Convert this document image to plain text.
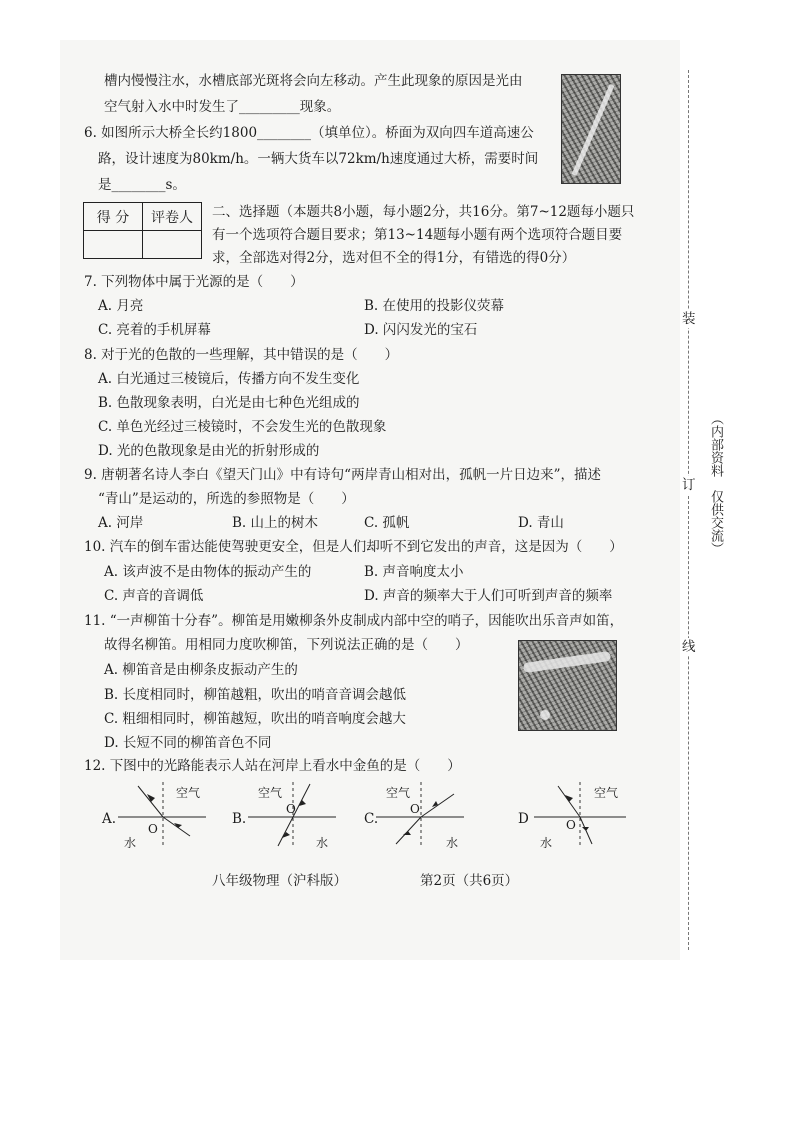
槽内慢慢注水，水槽底部光斑将会向左移动。产生此现象的原因是光由
空气射入水中时发生了_________现象。
6. 如图所示大桥全长约1800________（填单位）。桥面为双向四车道高速公
路，设计速度为80km/h。一辆大货车以72km/h速度通过大桥，需要时间
是________s。
得 分	评卷人
	二、选择题（本题共8小题，每小题2分，共16分。第7~12题每小题只
有一个选项符合题目要求；第13~14题每小题有两个选项符合题目要
求，全部选对得2分，选对但不全的得1分，有错选的得0分）
7. 下列物体中属于光源的是（　　）
A. 月亮	B. 在使用的投影仪荧幕
C. 亮着的手机屏幕	D. 闪闪发光的宝石
8. 对于光的色散的一些理解，其中错误的是（　　）
A. 白光通过三棱镜后，传播方向不发生变化
B. 色散现象表明，白光是由七种色光组成的
C. 单色光经过三棱镜时，不会发生光的色散现象
D. 光的色散现象是由光的折射形成的
9. 唐朝著名诗人李白《望天门山》中有诗句“两岸青山相对出，孤帆一片日边来”，描述
“青山”是运动的，所选的参照物是（　　）
A. 河岸	B. 山上的树木	C. 孤帆	D. 青山
10. 汽车的倒车雷达能使驾驶更安全，但是人们却听不到它发出的声音，这是因为（　　）
A. 该声波不是由物体的振动产生的	B. 声音响度太小
C. 声音的音调低	D. 声音的频率大于人们可听到声音的频率
11. “一声柳笛十分春”。柳笛是用嫩柳条外皮制成内部中空的哨子，因能吹出乐音声如笛，
故得名柳笛。用相同力度吹柳笛，下列说法正确的是（　　）
A. 柳笛音是由柳条皮振动产生的
B. 长度相同时，柳笛越粗，吹出的哨音音调会越低
C. 粗细相同时，柳笛越短，吹出的哨音响度会越大
D. 长短不同的柳笛音色不同
12. 下图中的光路能表示人站在河岸上看水中金鱼的是（　　）
A.
空气
O
水
B.
空气
O
水
C.
空气
O
水
D
空气
O
水
八年级物理（沪科版）	第2页（共6页）
装
订
线
（内部资料　仅供交流）
